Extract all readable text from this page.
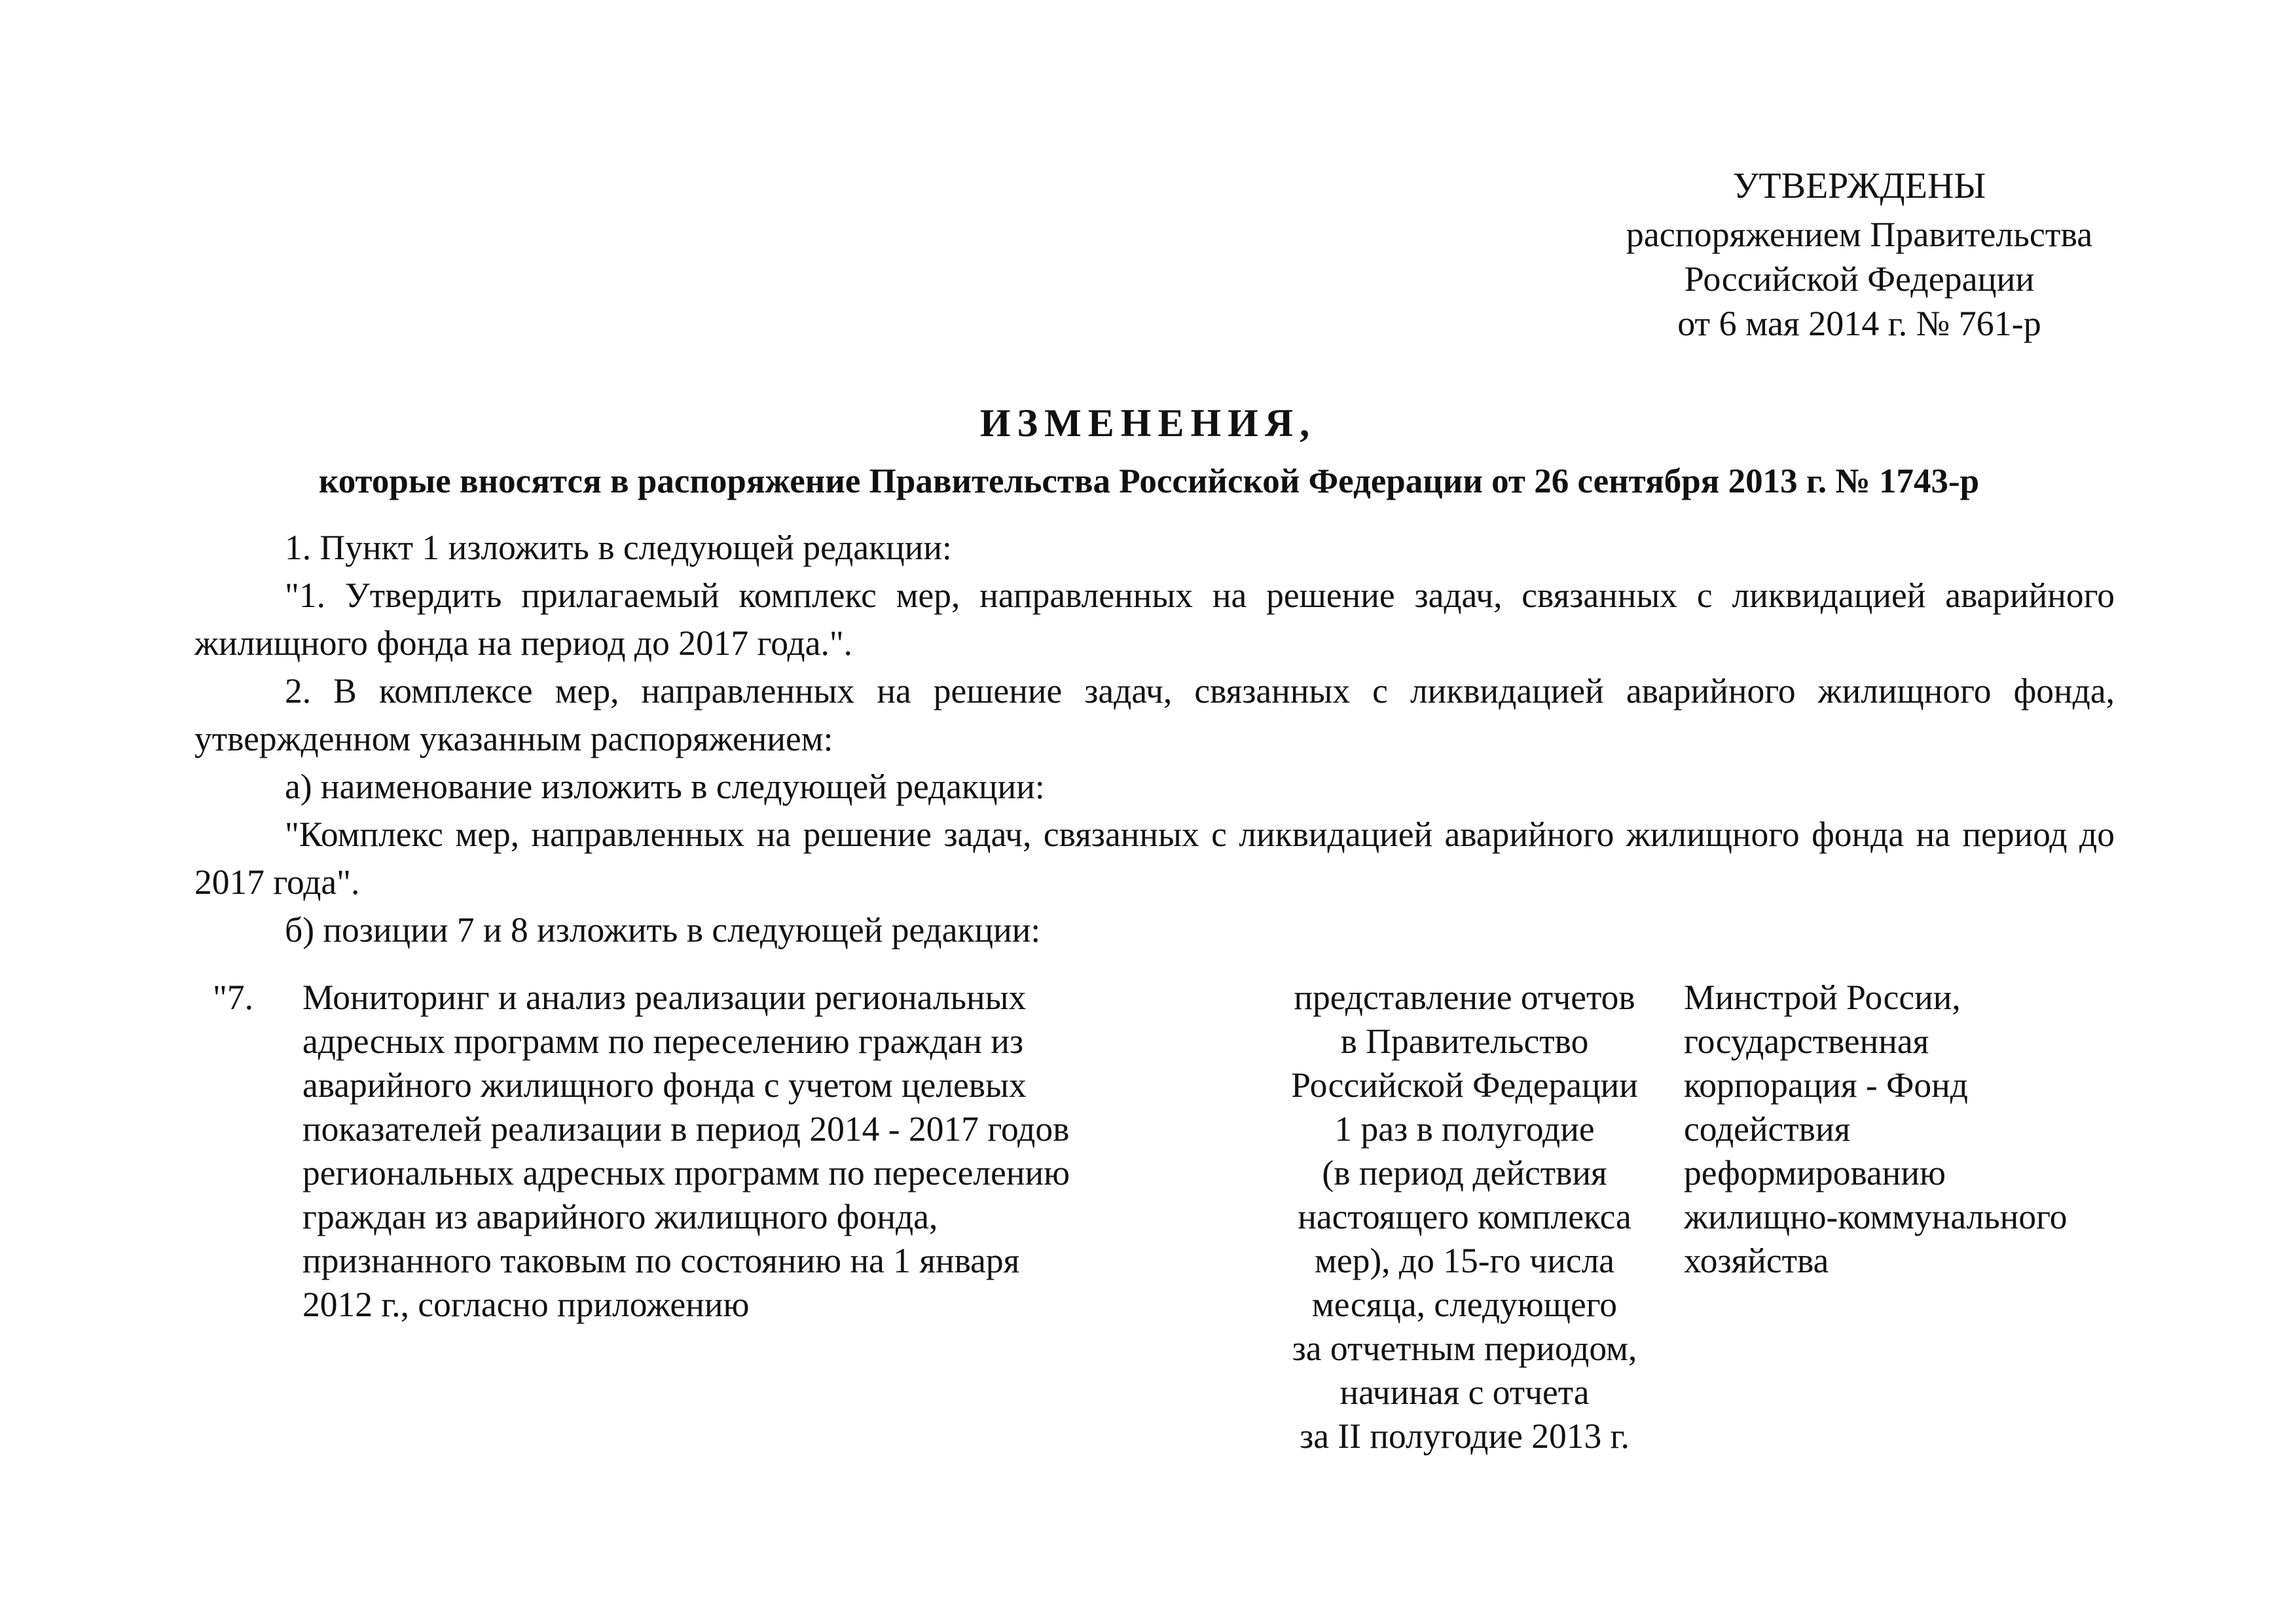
УТВЕРЖДЕНЫ
распоряжением Правительства
Российской Федерации
от 6 мая 2014 г. № 761-р
ИЗМЕНЕНИЯ,
которые вносятся в распоряжение Правительства Российской Федерации от 26 сентября 2013 г. № 1743-р

1. Пункт 1 изложить в следующей редакции:

"1. Утвердить прилагаемый комплекс мер, направленных на решение задач, связанных с ликвидацией аварийного жилищного фонда на период до 2017 года.".

2. В комплексе мер, направленных на решение задач, связанных с ликвидацией аварийного жилищного фонда, утвержденном указанным распоряжением:

а) наименование изложить в следующей редакции:

"Комплекс мер, направленных на решение задач, связанных с ликвидацией аварийного жилищного фонда на период до 2017 года".

б) позиции 7 и 8 изложить в следующей редакции:

"7.	Мониторинг и анализ реализации региональных
адресных программ по переселению граждан из
аварийного жилищного фонда с учетом целевых
показателей реализации в период 2014 - 2017 годов
региональных адресных программ по переселению
граждан из аварийного жилищного фонда,
признанного таковым по состоянию на 1 января
2012 г., согласно приложению
представление отчетов
в Правительство
Российской Федерации
1 раз в полугодие
(в период действия
настоящего комплекса
мер), до 15-го числа
месяца, следующего
за отчетным периодом,
начиная с отчета
за II полугодие 2013 г.
Минстрой России,
государственная
корпорация - Фонд
содействия
реформированию
жилищно-коммунального
хозяйства
